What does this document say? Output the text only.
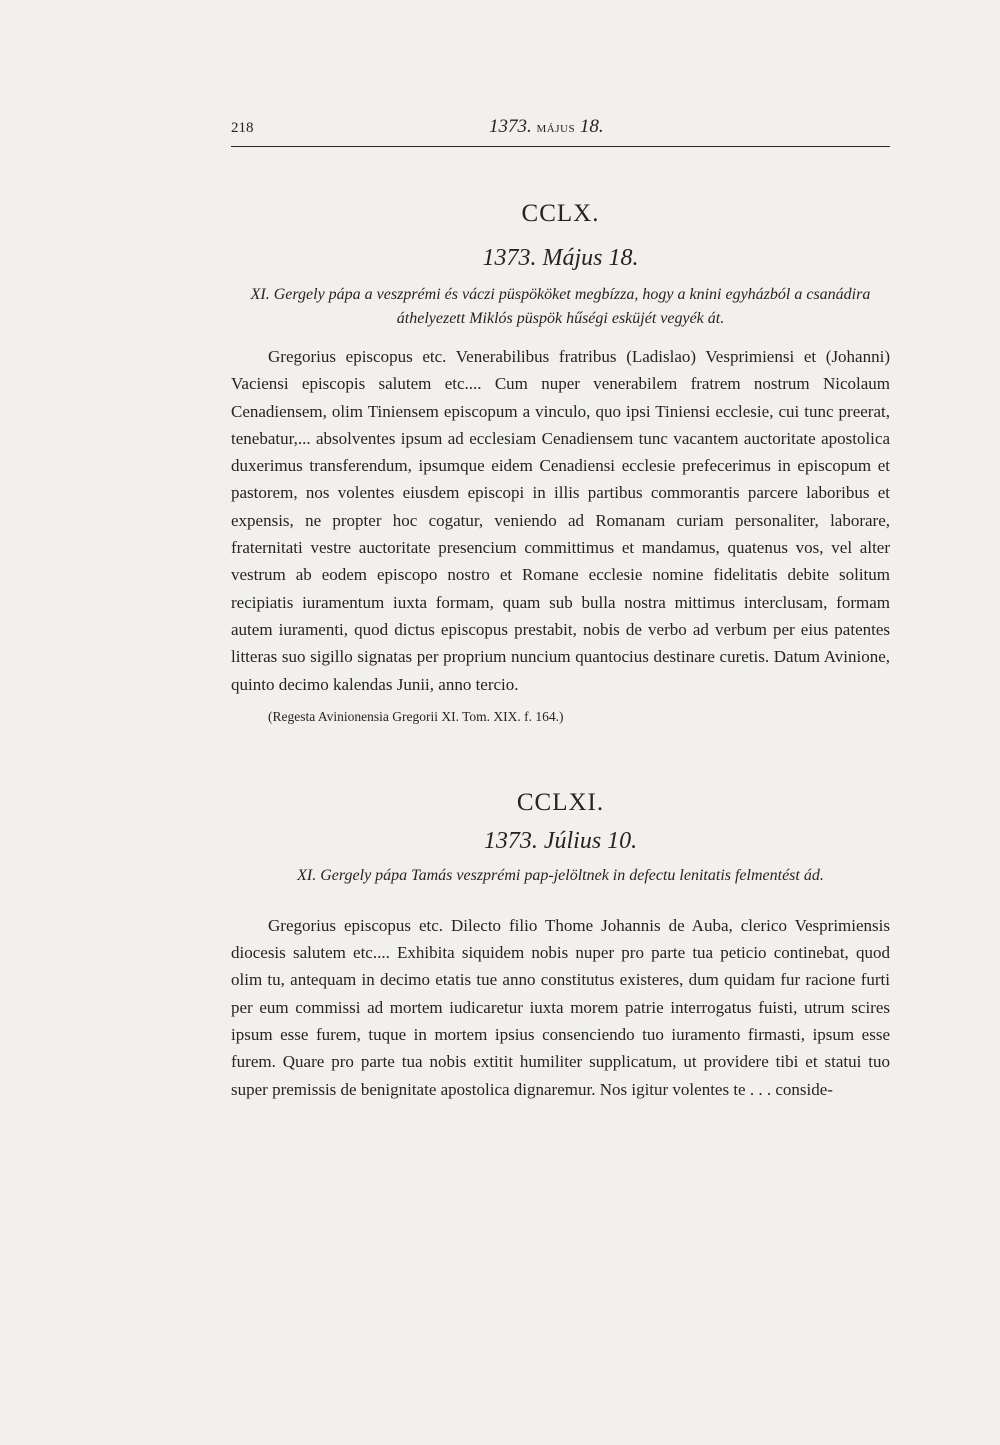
218	1373. MÁJUS 18.
CCLX.
1373. Május 18.
XI. Gergely pápa a veszprémi és váczi püspököket megbízza, hogy a knini egyházból a csanádira áthelyezett Miklós püspök hűségi esküjét vegyék át.

Gregorius episcopus etc. Venerabilibus fratribus (Ladislao) Vesprimiensi et (Johanni) Vaciensi episcopis salutem etc.... Cum nuper venerabilem fratrem nostrum Nicolaum Cenadiensem, olim Tiniensem episcopum a vinculo, quo ipsi Tiniensi ecclesie, cui tunc preerat, tenebatur,... absolventes ipsum ad ecclesiam Cenadiensem tunc vacantem auctoritate apostolica duxerimus transferendum, ipsumque eidem Cenadiensi ecclesie prefecerimus in episcopum et pastorem, nos volentes eiusdem episcopi in illis partibus commorantis parcere laboribus et expensis, ne propter hoc cogatur, veniendo ad Romanam curiam personaliter, laborare, fraternitati vestre auctoritate presencium committimus et mandamus, quatenus vos, vel alter vestrum ab eodem episcopo nostro et Romane ecclesie nomine fidelitatis debite solitum recipiatis iuramentum iuxta formam, quam sub bulla nostra mittimus interclusam, formam autem iuramenti, quod dictus episcopus prestabit, nobis de verbo ad verbum per eius patentes litteras suo sigillo signatas per proprium nuncium quantocius destinare curetis. Datum Avinione, quinto decimo kalendas Junii, anno tercio.

(Regesta Avinionensia Gregorii XI. Tom. XIX. f. 164.)
CCLXI.
1373. Július 10.
XI. Gergely pápa Tamás veszprémi pap-jelöltnek in defectu lenitatis felmentést ád.

Gregorius episcopus etc. Dilecto filio Thome Johannis de Auba, clerico Vesprimiensis diocesis salutem etc.... Exhibita siquidem nobis nuper pro parte tua peticio continebat, quod olim tu, antequam in decimo etatis tue anno constitutus existeres, dum quidam fur racione furti per eum commissi ad mortem iudicaretur iuxta morem patrie interrogatus fuisti, utrum scires ipsum esse furem, tuque in mortem ipsius consenciendo tuo iuramento firmasti, ipsum esse furem. Quare pro parte tua nobis extitit humiliter supplicatum, ut providere tibi et statui tuo super premissis de benignitate apostolica dignaremur. Nos igitur volentes te . . . conside-
